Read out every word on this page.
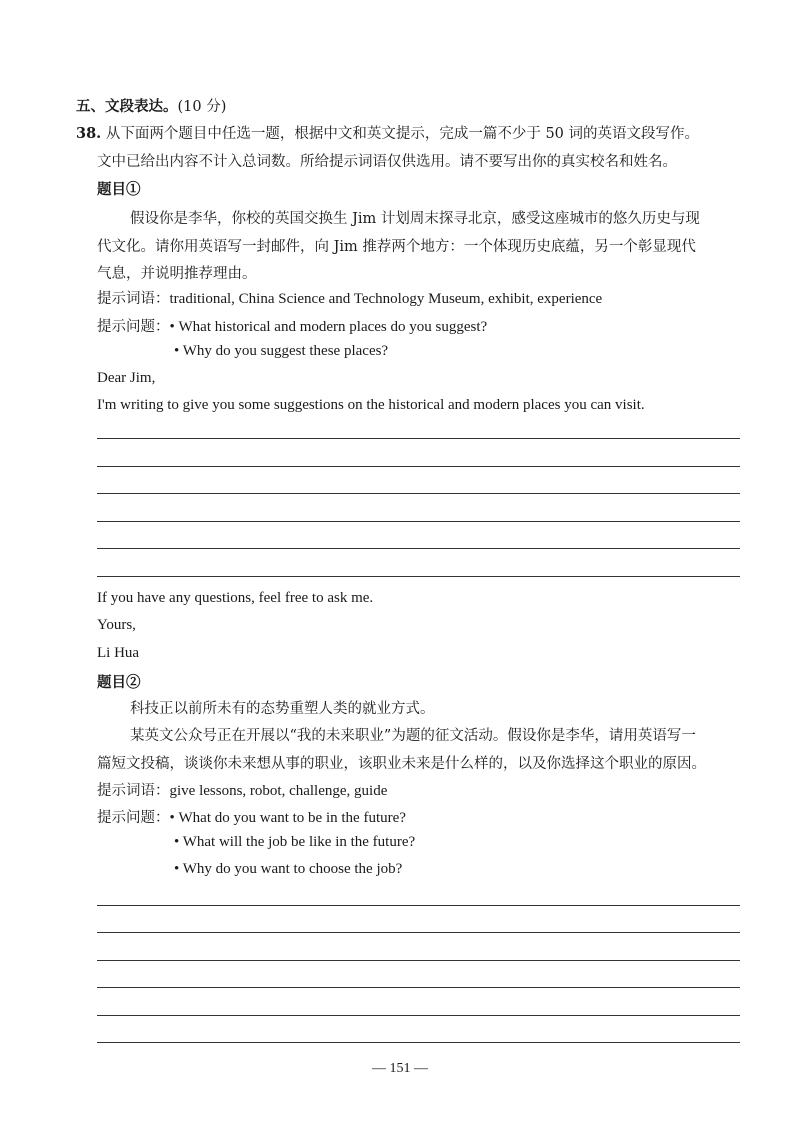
五、文段表达。(10 分)
38. 从下面两个题目中任选一题，根据中文和英文提示，完成一篇不少于 50 词的英语文段写作。
文中已给出内容不计入总词数。所给提示词语仅供选用。请不要写出你的真实校名和姓名。
题目①
假设你是李华，你校的英国交换生 Jim 计划周末探寻北京，感受这座城市的悠久历史与现
代文化。请你用英语写一封邮件，向 Jim 推荐两个地方：一个体现历史底蕴，另一个彰显现代
气息，并说明推荐理由。
提示词语：traditional, China Science and Technology Museum, exhibit, experience
提示问题：• What historical and modern places do you suggest?
• Why do you suggest these places?
Dear Jim,
I'm writing to give you some suggestions on the historical and modern places you can visit.
If you have any questions, feel free to ask me.
Yours,
Li Hua
题目②
科技正以前所未有的态势重塑人类的就业方式。
某英文公众号正在开展以“我的未来职业”为题的征文活动。假设你是李华，请用英语写一
篇短文投稿，谈谈你未来想从事的职业，该职业未来是什么样的，以及你选择这个职业的原因。
提示词语：give lessons, robot, challenge, guide
提示问题：• What do you want to be in the future?
• What will the job be like in the future?
• Why do you want to choose the job?
— 151 —
